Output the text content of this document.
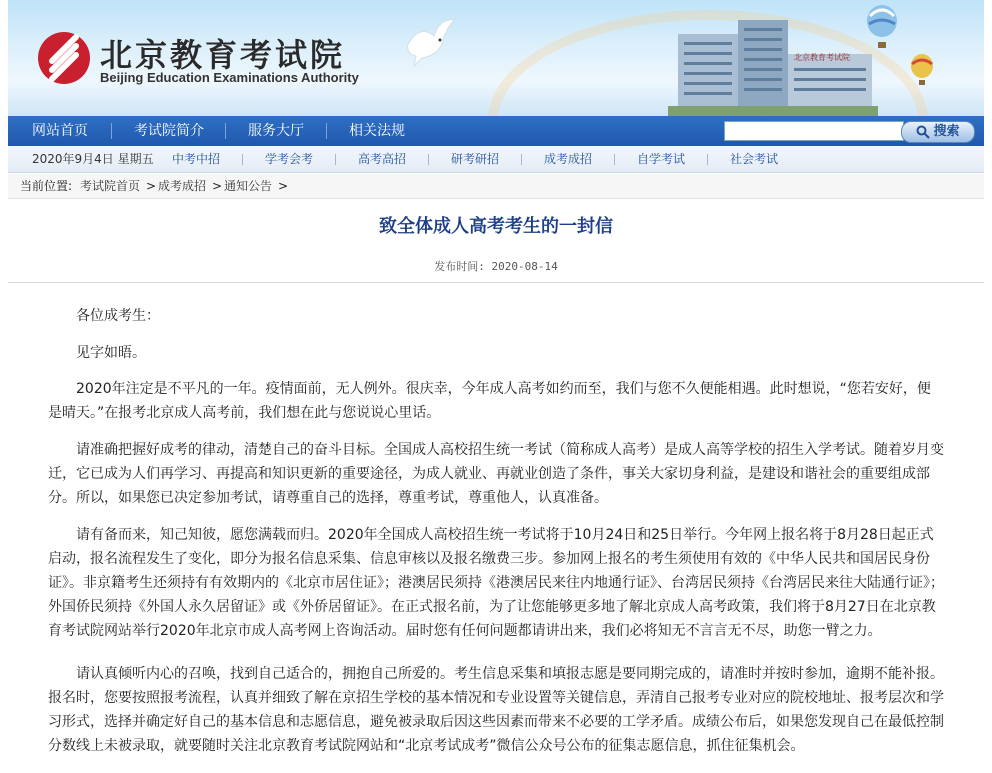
北京教育考试院
Beijing Education Examinations Authority
北京教育考试院
网站首页	考试院简介	服务大厅	相关法规	搜索
2020年9月4日 星期五 中考中招	学考会考	高考高招	研考研招	成考成招	自学考试	社会考试
当前位置: 考试院首页 > 成考成招 > 通知公告 >
致全体成人高考考生的一封信
发布时间: 2020-08-14

各位成考生：

见字如晤。

2020年注定是不平凡的一年。疫情面前，无人例外。很庆幸，今年成人高考如约而至，我们与您不久便能相遇。此时想说，“您若安好，便是晴天。”在报考北京成人高考前，我们想在此与您说说心里话。

请准确把握好成考的律动，清楚自己的奋斗目标。全国成人高校招生统一考试（简称成人高考）是成人高等学校的招生入学考试。随着岁月变迁，它已成为人们再学习、再提高和知识更新的重要途径，为成人就业、再就业创造了条件，事关大家切身利益，是建设和谐社会的重要组成部分。所以，如果您已决定参加考试，请尊重自己的选择，尊重考试，尊重他人，认真准备。

请有备而来，知己知彼，愿您满载而归。2020年全国成人高校招生统一考试将于10月24日和25日举行。今年网上报名将于8月28日起正式启动，报名流程发生了变化，即分为报名信息采集、信息审核以及报名缴费三步。参加网上报名的考生须使用有效的《中华人民共和国居民身份证》。非京籍考生还须持有有效期内的《北京市居住证》；港澳居民须持《港澳居民来往内地通行证》、台湾居民须持《台湾居民来往大陆通行证》；外国侨民须持《外国人永久居留证》或《外侨居留证》。在正式报名前，为了让您能够更多地了解北京成人高考政策，我们将于8月27日在北京教育考试院网站举行2020年北京市成人高考网上咨询活动。届时您有任何问题都请讲出来，我们必将知无不言言无不尽，助您一臂之力。

请认真倾听内心的召唤，找到自己适合的，拥抱自己所爱的。考生信息采集和填报志愿是要同期完成的，请准时并按时参加，逾期不能补报。报名时，您要按照报考流程，认真并细致了解在京招生学校的基本情况和专业设置等关键信息，弄清自己报考专业对应的院校地址、报考层次和学习形式，选择并确定好自己的基本信息和志愿信息，避免被录取后因这些因素而带来不必要的工学矛盾。成绩公布后，如果您发现自己在最低控制分数线上未被录取，就要随时关注北京教育考试院网站和“北京考试成考”微信公众号公布的征集志愿信息，抓住征集机会。
